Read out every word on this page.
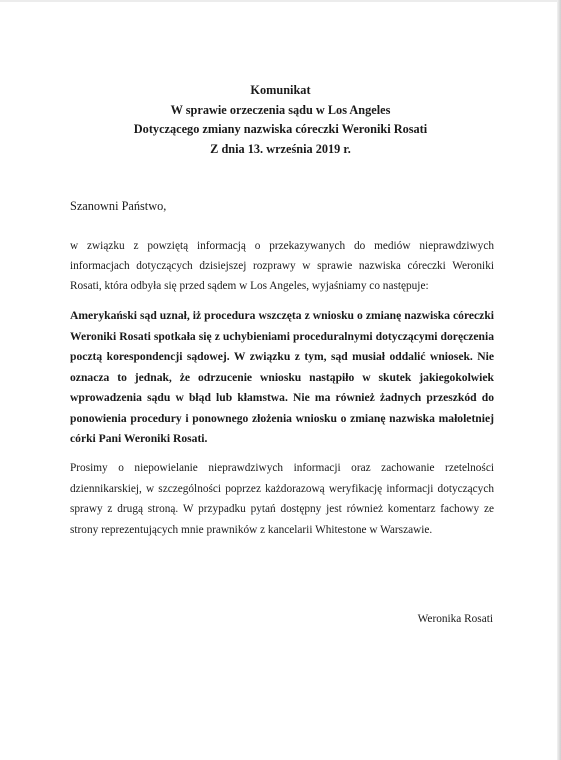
Komunikat
W sprawie orzeczenia sądu w Los Angeles
Dotyczącego zmiany nazwiska córeczki Weroniki Rosati
Z dnia 13. września 2019 r.
Szanowni Państwo,
w związku z powziętą informacją o przekazywanych do mediów nieprawdziwych informacjach dotyczących dzisiejszej rozprawy w sprawie nazwiska córeczki Weroniki Rosati, która odbyła się przed sądem w Los Angeles, wyjaśniamy co następuje:
Amerykański sąd uznał, iż procedura wszczęta z wniosku o zmianę nazwiska córeczki Weroniki Rosati spotkała się z uchybieniami proceduralnymi dotyczącymi doręczenia pocztą korespondencji sądowej. W związku z tym, sąd musiał oddalić wniosek. Nie oznacza to jednak, że odrzucenie wniosku nastąpiło w skutek jakiegokolwiek wprowadzenia sądu w błąd lub kłamstwa. Nie ma również żadnych przeszkód do ponowienia procedury i ponownego złożenia wniosku o zmianę nazwiska małoletniej córki Pani Weroniki Rosati.
Prosimy o niepowielanie nieprawdziwych informacji oraz zachowanie rzetelności dziennikarskiej, w szczególności poprzez każdorazową weryfikację informacji dotyczących sprawy z drugą stroną. W przypadku pytań dostępny jest również komentarz fachowy ze strony reprezentujących mnie prawników z kancelarii Whitestone w Warszawie.
Weronika Rosati
